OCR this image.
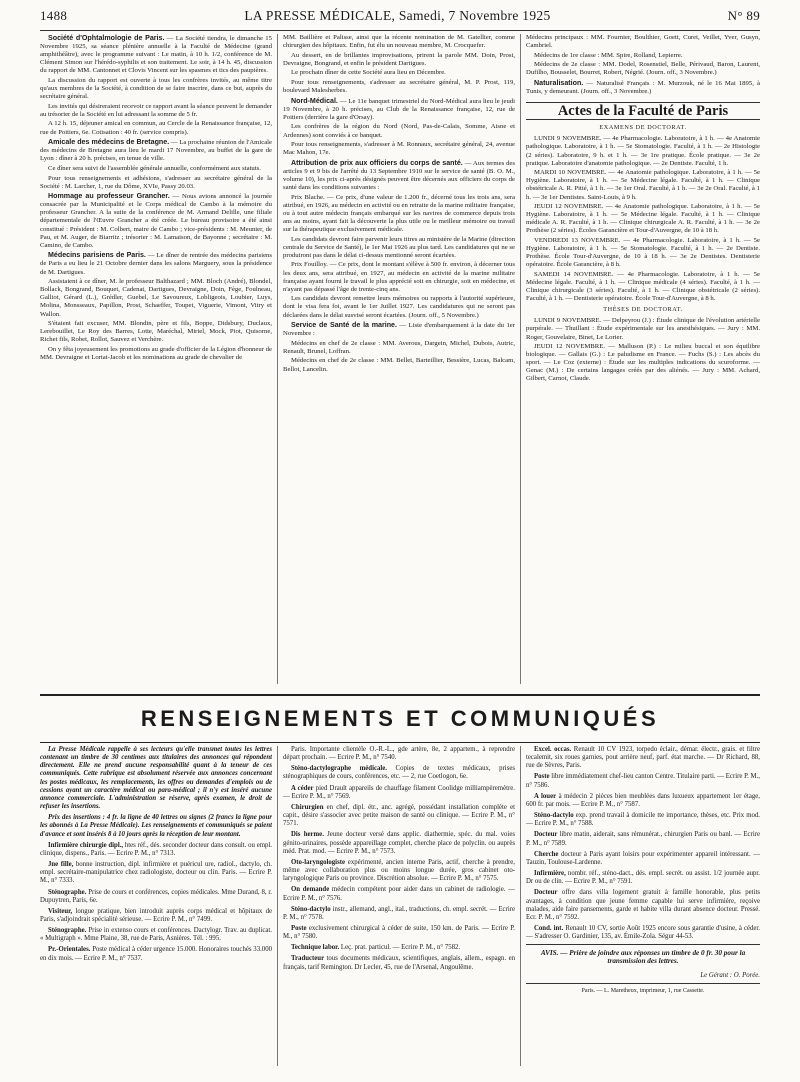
1488	LA PRESSE MÉDICALE, Samedi, 7 Novembre 1925	N° 89

Société d'Ophtalmologie de Paris. — La Société tiendra, le dimanche 15 Novembre 1925, sa séance plénière annuelle à la Faculté de Médecine (grand amphithéâtre), avec le programme suivant : Le matin, à 10 h. 1/2, conférence de M. Clément Simon sur l'hérédo-syphilis et son traitement. Le soir, à 14 h. 45, discussion du rapport de MM. Cantonnet et Clovis Vincent sur les spasmes et tics des paupières.

La discussion du rapport est ouverte à tous les confrères invités, au même titre qu'aux membres de la Société, à condition de se faire inscrire, dans ce but, auprès du secrétaire général.

Les invités qui désireraient recevoir ce rapport avant la séance peuvent le demander au trésorier de la Société en lui adressant la somme de 5 fr.

A 12 h. 15, déjeuner amical en commun, au Cercle de la Renaissance française, 12, rue de Poitiers, 6e. Cotisation : 40 fr. (service compris).

Amicale des médecins de Bretagne. — La prochaine réunion de l'Amicale des médecins de Bretagne aura lieu le mardi 17 Novembre, au buffet de la gare de Lyon : dîner à 20 h. précises, en tenue de ville.

Ce dîner sera suivi de l'assemblée générale annuelle, conformément aux statuts.

Pour tous renseignements et adhésions, s'adresser au secrétaire général de la Société : M. Larcher, 1, rue du Dôme, XVIe, Passy 20.03.

Hommage au professeur Grancher. — Nous avions annoncé la journée consacrée par la Municipalité et le Corps médical de Cambo à la mémoire du professeur Grancher. A la suite de la conférence de M. Armand Delille, une filiale départementale de l'Œuvre Grancher a été créée. Le bureau provisoire a été ainsi constitué : Président : M. Colbert, maire de Cambo ; vice-présidents : M. Meunier, de Pau, et M. Auger, de Biarritz ; trésorier : M. Lamaison, de Bayonne ; secrétaire : M. Camino, de Cambo.

Médecins parisiens de Paris. — Le dîner de rentrée des médecins parisiens de Paris a eu lieu le 21 Octobre dernier dans les salons Marguery, sous la présidence de M. Dartigues.

Assistaient à ce dîner, M. le professeur Balthazard ; MM. Bloch (André), Blondel, Bollack, Bongrand, Bouquet, Cadenat, Dartigues, Devraigne, Doin, Fège, Foulneau, Galliot, Gérard (L.), Grédler, Guebel, Le Savoureux, Lobligeois, Loubier, Luys, Molina, Monsseaux, Papillon, Prost, Schaeffer, Toupet, Viguerie, Vimont, Vitry et Wallon.

S'étaient fait excuser, MM. Blondin, père et fils, Boppe, Didsbury, Duclaux, Lerebouillet, Le Roy des Barres, Lotte, Maréchal, Miriel, Mock, Piot, Quisorne, Richet fils, Robet, Rollot, Sauvez et Verchère.

On y fêta joyeusement les promotions au grade d'officier de la Légion d'honneur de MM. Devraigne et Lortat-Jacob et les nominations au grade de chevalier de

MM. Baillière et Palisse, ainsi que la récente nomination de M. Gatellier, comme chirurgien des hôpitaux. Enfin, fut élu un nouveau membre, M. Crocquefer.

Au dessert, en de brillantes improvisations, prirent la parole MM. Doin, Prost, Devraigne, Bongrand, et enfin le président Dartigues.

Le prochain dîner de cette Société aura lieu en Décembre.

Pour tous renseignements, s'adresser au secrétaire général, M. P. Prost, 119, boulevard Malesherbes.

Nord-Médical. — Le 11e banquet trimestriel du Nord-Médical aura lieu le jeudi 19 Novembre, à 20 h. précises, au Club de la Renaissance française, 12, rue de Poitiers (derrière la gare d'Orsay).

Les confrères de la région du Nord (Nord, Pas-de-Calais, Somme, Aisne et Ardennes) sont conviés à ce banquet.

Pour tous renseignements, s'adresser à M. Ronnaux, secrétaire général, 24, avenue Mac Mahon, 17e.

Attribution de prix aux officiers du corps de santé. — Aux termes des articles 9 et 9 bis de l'arrêté du 13 Septembre 1910 sur le service de santé (B. O. M., volume 10), les prix ci-après désignés peuvent être décernés aux officiers du corps de santé dans les conditions suivantes :

Prix Blache. — Ce prix, d'une valeur de 1.200 fr., décerné tous les trois ans, sera attribué, en 1926, au médecin en activité ou en retraite de la marine militaire française, ou à tout autre médecin français embarqué sur les navires de commerce depuis trois ans au moins, ayant fait la découverte la plus utile ou le meilleur mémoire ou travail sur la thérapeutique exclusivement médicale.

Les candidats devront faire parvenir leurs titres au ministère de la Marine (direction centrale du Service de Santé), le 1er Mai 1926 au plus tard. Les candidatures qui ne se produiront pas dans le délai ci-dessus mentionné seront écartées.

Prix Fouilloy. — Ce prix, dont le montant s'élève à 500 fr. environ, à décerner tous les deux ans, sera attribué, en 1927, au médecin en activité de la marine militaire française ayant fourni le travail le plus apprécié soit en chirurgie, soit en médecine, et n'ayant pas dépassé l'âge de trente-cinq ans.

Les candidats devront remettre leurs mémoires ou rapports à l'autorité supérieure, dont le visa fera foi, avant le 1er Juillet 1927. Les candidatures qui ne seront pas déclarées dans le délai susvisé seront écartées. (Journ. off., 5 Novembre.)

Service de Santé de la marine. — Liste d'embarquement à la date du 1er Novembre :

Médecins en chef de 2e classe : MM. Averous, Dargein, Michel, Dubois, Autric, Renault, Brunel, Loffran.

Médecins en chef de 2e classe : MM. Bellet, Barteillier, Bessière, Lucas, Balcam, Bellot, Lancelin.

Médecins principaux : MM. Fournier, Boulthier, Goett, Curet, Veillet, Yver, Gusyn, Cambriel.

Médecins de 1re classe : MM. Spire, Rolland, Lepierre.

Médecins de 2e classe : MM. Dodel, Rosenstiel, Belle, Périvaud, Baron, Laurent, Dufilho, Bousselet, Bourret, Robert, Négrié. (Journ. off., 3 Novembre.)

Naturalisation. — Naturalisé Français : M. Murzouk, né le 16 Mai 1895, à Tunis, y demeurant. (Journ. off., 3 Novembre.)

Actes de la Faculté de Paris

EXAMENS DE DOCTORAT.

LUNDI 9 NOVEMBRE. — 4e Pharmacologie. Laboratoire, à 1 h. — 4e Anatomie pathologique. Laboratoire, à 1 h. — 5e Stomatologie. Faculté, à 1 h. — 2e Histologie (2 séries). Laboratoire, 9 h. et 1 h. — 3e 1re pratique. École pratique. — 3e 2e pratique. Laboratoire d'anatomie pathologique. — 2e Dentiste. Faculté, 1 h.

MARDI 10 NOVEMBRE. — 4e Anatomie pathologique. Laboratoire, à 1 h. — 5e Hygiène. Laboratoire, à 1 h. — 5e Médecine légale. Faculté, à 1 h. — Clinique obstétricale A. R. Pitié, à 1 h. — 3e 1er Oral. Faculté, à 1 h. — 3e 2e Oral. Faculté, à 1 h. — 3e 1er Dentistes. Saint-Louis, à 9 h.

JEUDI 12 NOVEMBRE. — 4e Anatomie pathologique. Laboratoire, à 1 h. — 5e Hygiène. Laboratoire, à 1 h. — 5e Médecine légale. Faculté, à 1 h. — Clinique médicale A. R. Faculté, à 1 h. — Clinique chirurgicale A. R. Faculté, à 1 h. — 3e 2e Prothèse (2 séries). Écoles Garancière et Tour-d'Auvergne, de 10 à 18 h.

VENDREDI 13 NOVEMBRE. — 4e Pharmacologie. Laboratoire, à 1 h. — 5e Hygiène. Laboratoire, à 1 h. — 5e Stomatologie. Faculté, à 1 h. — 2e Dentiste. Prothèse. École Tour-d'Auvergne, de 10 à 18 h. — 3e 2e Dentistes. Dentisterie opératoire. École Garancière, à 8 h.

SAMEDI 14 NOVEMBRE. — 4e Pharmacologie. Laboratoire, à 1 h. — 5e Médecine légale. Faculté, à 1 h. — Clinique médicale (4 séries). Faculté, à 1 h. — Clinique chirurgicale (3 séries). Faculté, à 1 h. — Clinique obstétricale (2 séries). Faculté, à 1 h. — Dentisterie opératoire. École Tour-d'Auvergne, à 8 h.

THÈSES DE DOCTORAT.

LUNDI 9 NOVEMBRE. — Delpeyrou (J.) : Étude clinique de l'évolution artérielle purpérale. — Thuillant : Étude expérimentale sur les anesthésiques. — Jury : MM. Roger, Gouvelaire, Binet, Le Lorier.

JEUDI 12 NOVEMBRE. — Malluson (P.) : Le milieu buccal et son équilibre biologique. — Gallais (G.) : Le paludisme en France. — Fuchs (S.) : Les abcès du sport. — Le Coz (externe) : Étude sur les multiples indications du scuroforme. — Genac (M.) : De certains langages créés par des aliénés. — Jury : MM. Achard, Gilbert, Carnot, Claude.

RENSEIGNEMENTS ET COMMUNIQUÉS

La Presse Médicale rappelle à ses lecteurs qu'elle transmet toutes les lettres contenant un timbre de 30 centimes aux titulaires des annonces qui répondent directement. Elle ne prend aucune responsabilité quant à la teneur de ces communiqués. Cette rubrique est absolument réservée aux annonces concernant les postes médicaux, les remplacements, les offres ou demandes d'emplois ou de cessions ayant un caractère médical ou para-médical ; il n'y est inséré aucune annonce commerciale. L'administration se réserve, après examen, le droit de refuser les insertions.

Prix des insertions : 4 fr. la ligne de 40 lettres ou signes (2 francs la ligne pour les abonnés à La Presse Médicale). Les renseignements et communiqués se paient d'avance et sont insérés 8 à 10 jours après la réception de leur montant.

Infirmière chirurgie dipl., htes réf., dés. seconder docteur dans consult. ou empl. clinique, dispens., Paris. — Ecrire P. M., n° 7313.

Jne fille, bonne instruction, dipl. infirmière et puéricul ure, radiol., dactylo, ch. empl. secrétaire-manipulatrice chez radiologiste, docteur ou clin. Paris. — Ecrire P. M., n° 7333.

Sténographe. Prise de cours et conférences, copies médicales. Mme Durand, 8, r. Dupuytren, Paris, 6e.

Visiteur, longue pratique, bien introduit auprès corps médical et hôpitaux de Paris, s'adjoindrait spécialité sérieuse. — Ecrire P. M., n° 7499.

Sténographe. Prise in extenso cours et conférences. Dactylogr. Trav. au duplicat. « Multigraph ». Mme Plaine, 38, rue de Paris, Asnières. Tél. : 995.

Pr.-Orientales. Poste médical à céder urgence 15.000. Honoraires touchés 33.000 en dix mois. — Ecrire P. M., n° 7537.

Paris. Importante clientèle O.-R.-L., gde artère, 8e, 2 appartem., à reprendre départ prochain. — Ecrire P. M., n° 7540.

Sténo-dactylographe médicale. Copies de textes médicaux, prises sténographiques de cours, conférences, etc. — 2, rue Coetlogon, 6e.

A céder pied Drault appareils de chauffage filament Coolidge milliampèremètre. — Ecrire P. M., n° 7569.

Chirurgien en chef, dipl. étr., anc. agrégé, possédant installation complète et capit., désire s'associer avec petite maison de santé ou clinique. — Ecrire P. M., n° 7571.

Dis herme. Jeune docteur versé dans applic. diathermie, spéc. du mal. voies génito-urinaires, possède appareillage complet, cherche place de polyclin. ou auprès méd. Prat. mod. — Ecrire P. M., n° 7573.

Oto-laryngologiste expérimenté, ancien interne Paris, actif, cherche à prendre, même avec collaboration plus ou moins longue durée, gros cabinet oto-laryngologique Paris ou province. Discrétion absolue. — Ecrire P. M., n° 7575.

On demande médecin compétent pour aider dans un cabinet de radiologie. — Ecrire P. M., n° 7576.

Sténo-dactylo instr., allemand, angl., ital., traductions, ch. empl. secrét. — Ecrire P. M., n° 7578.

Poste exclusivement chirurgical à céder de suite, 150 km. de Paris. — Ecrire P. M., n° 7580.

Technique labor. Leç. prat. particul. — Ecrire P. M., n° 7582.

Traducteur tous documents médicaux, scientifiques, anglais, allem., espagn. en français, tarif Remington. Dr Lecler, 45, rue de l'Arsenal, Angoulême.

Excel. occas. Renault 10 CV 1923, torpedo éclair., démar. électr., grais. et filtre tecalemit, six roues garnies, pout arrière neuf, parf. état marche. — Dr Richard, 88, rue de Sèvres, Paris.

Poste libre immédiatement chef-lieu canton Centre. Titulaire parti. — Ecrire P. M., n° 7586.

A louer à médecin 2 pièces bien meublées dans luxueux appartement 1er étage, 600 fr. par mois. — Ecrire P. M., n° 7587.

Sténo-dactylo exp. prend travail à domicile tte importance, thèses, etc. Prix mod. — Ecrire P. M., n° 7588.

Docteur libre matin, aiderait, sans rémunérat., chirurgien Paris ou banl. — Ecrire P. M., n° 7589.

Cherche docteur à Paris ayant loisirs pour expérimenter appareil intéressant. — Tauzin, Toulouse-Lardenne.

Infirmière, nombr. réf., sténo-dact., dés. empl. secrét. ou assist. 1/2 journée aupr. Dr ou de clin. — Ecrire P. M., n° 7591.

Docteur offre dans villa logement gratuit à famille honorable, plus petits avantages, à condition que jeune femme capable lui serve infirmière, reçoive malades, aide faire pansements, garde et habite villa durant absence docteur. Pressé. Ecr. P. M., n° 7592.

Cond. int. Renault 10 CV, sortie Août 1925 encore sous garantie d'usine, à céder. — S'adresser O. Gardinier, 135, av. Émile-Zola. Ségur 44-53.

AVIS. — Prière de joindre aux réponses un timbre de 0 fr. 30 pour la transmission des lettres.

Le Gérant : O. Porée.

Paris. — L. Maretheux, imprimeur, 1, rue Cassette.
